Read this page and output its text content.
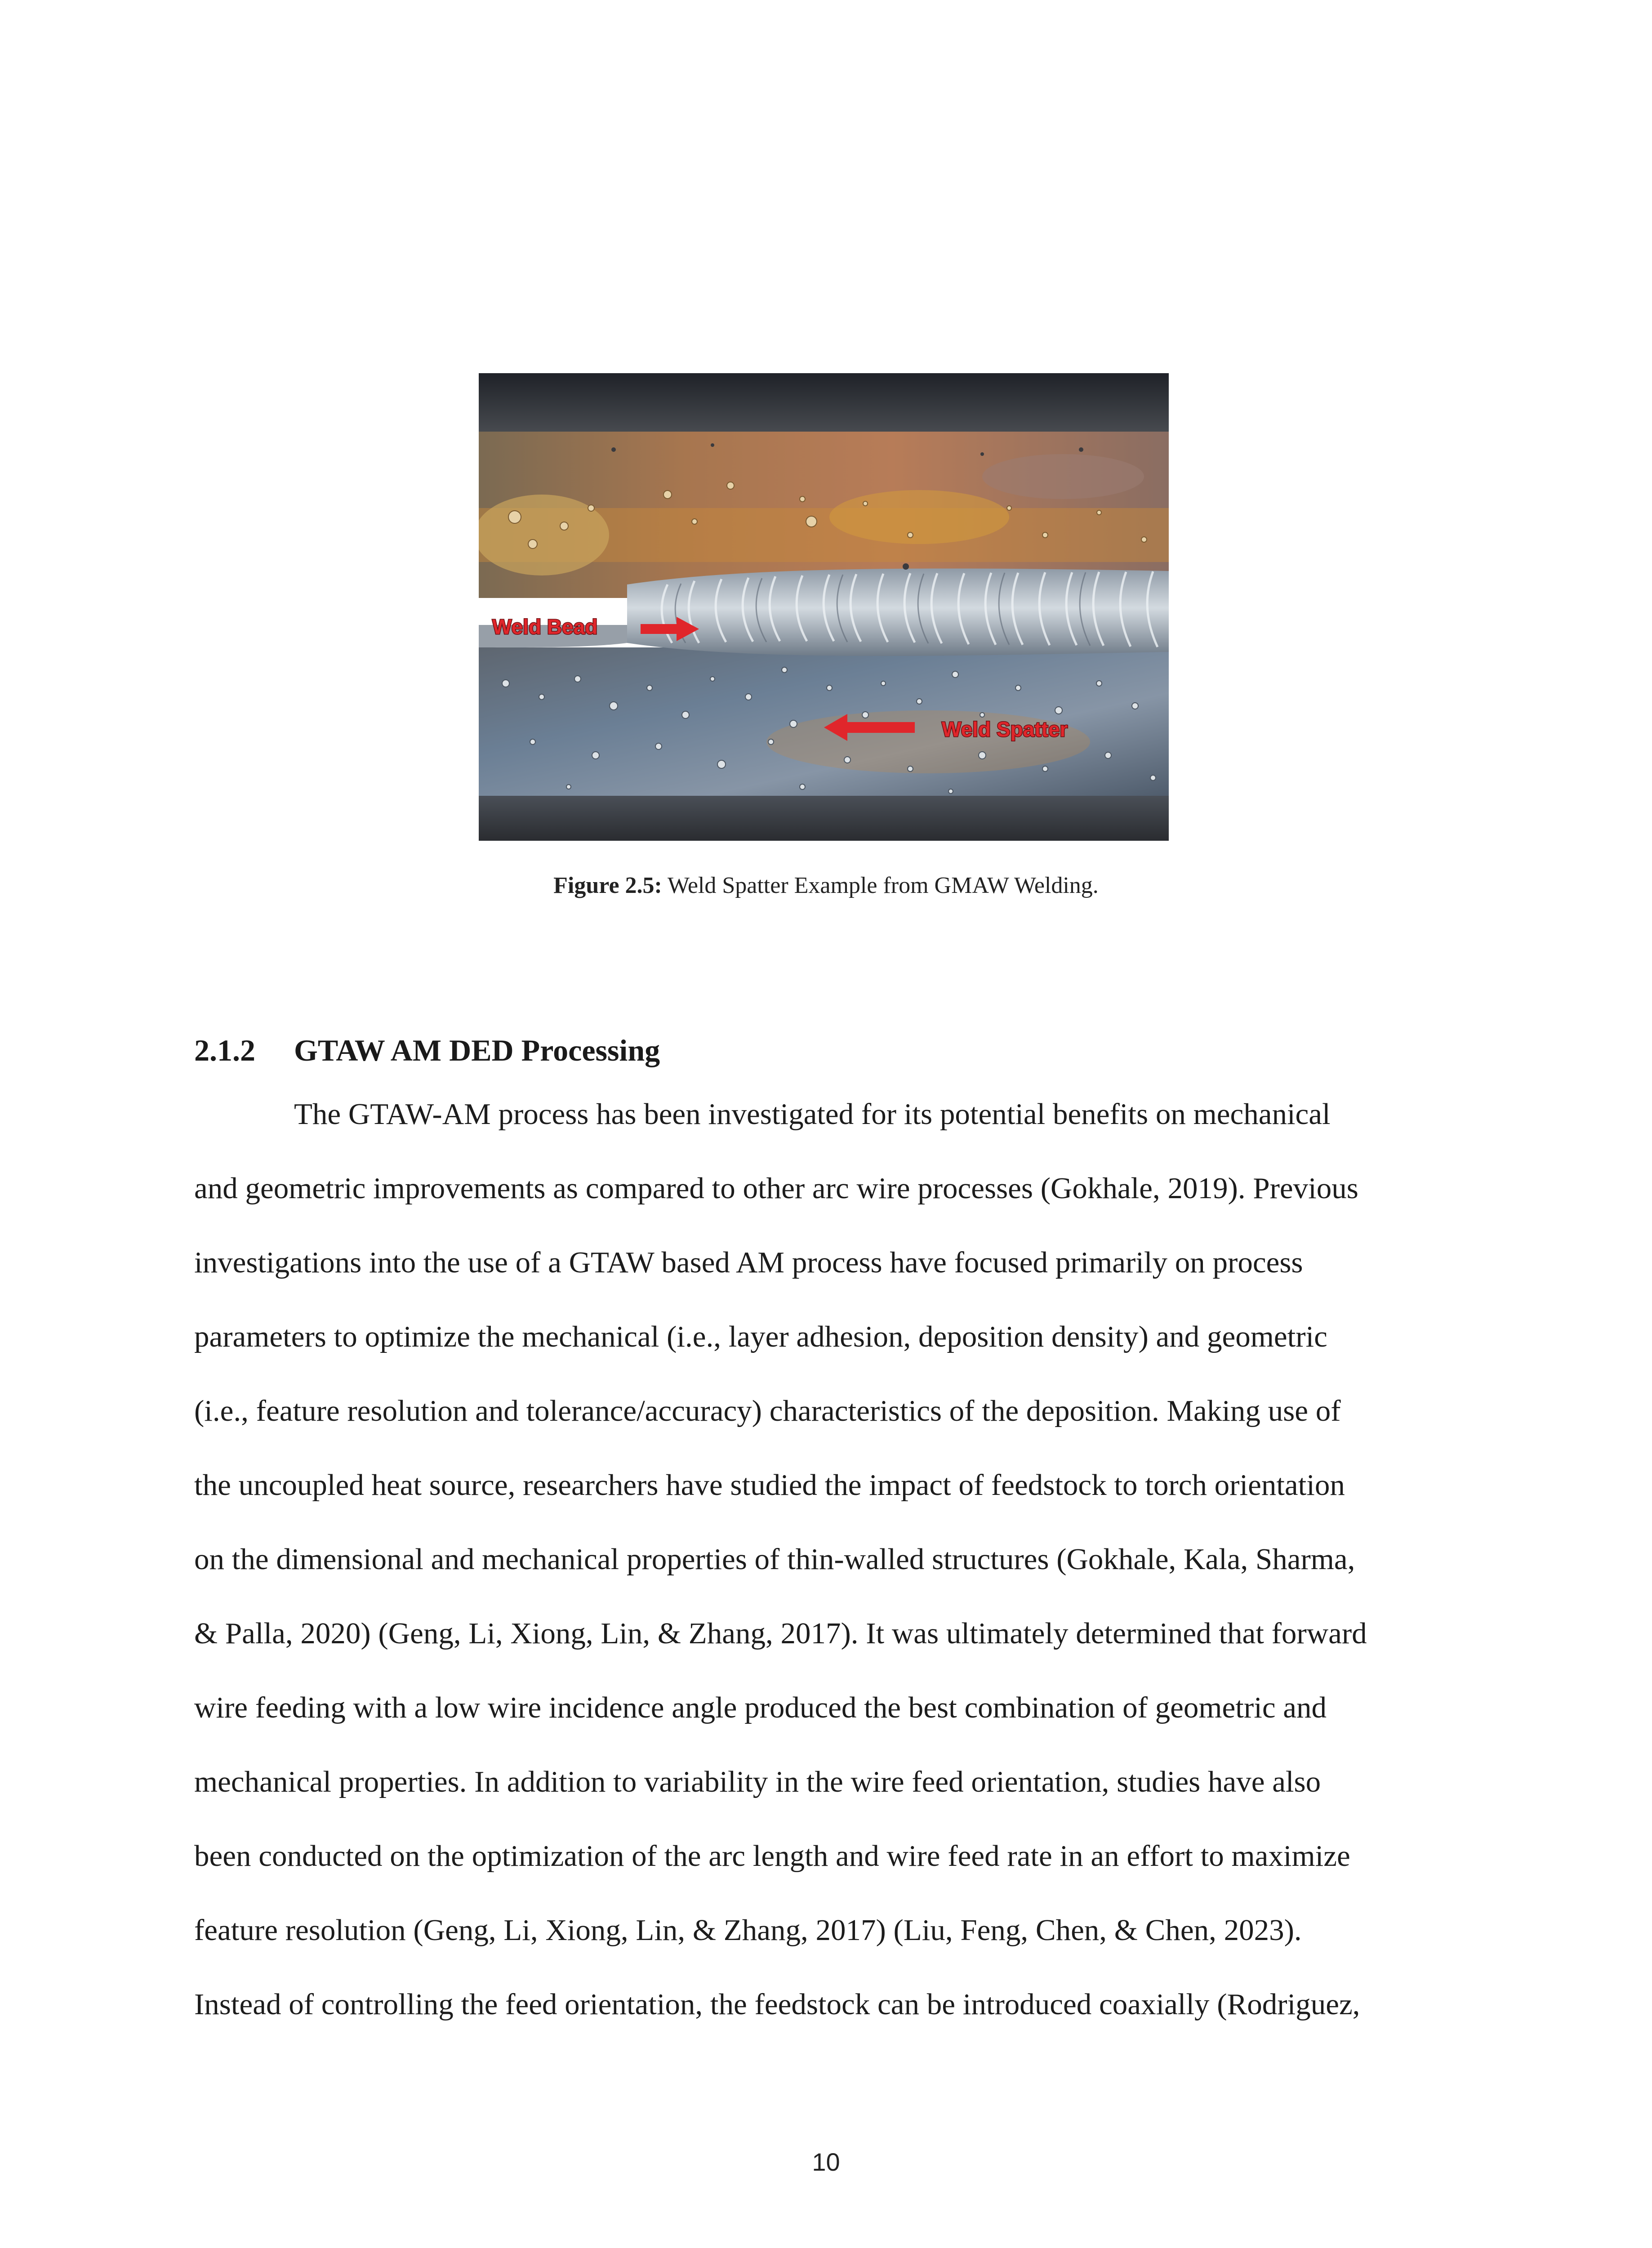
Weld Bead
Weld Spatter
Figure 2.5: Weld Spatter Example from GMAW Welding.
2.1.2 GTAW AM DED Processing
The GTAW-AM process has been investigated for its potential benefits on mechanical
and geometric improvements as compared to other arc wire processes (Gokhale, 2019). Previous
investigations into the use of a GTAW based AM process have focused primarily on process
parameters to optimize the mechanical (i.e., layer adhesion, deposition density) and geometric
(i.e., feature resolution and tolerance/accuracy) characteristics of the deposition. Making use of
the uncoupled heat source, researchers have studied the impact of feedstock to torch orientation
on the dimensional and mechanical properties of thin-walled structures (Gokhale, Kala, Sharma,
& Palla, 2020) (Geng, Li, Xiong, Lin, & Zhang, 2017). It was ultimately determined that forward
wire feeding with a low wire incidence angle produced the best combination of geometric and
mechanical properties. In addition to variability in the wire feed orientation, studies have also
been conducted on the optimization of the arc length and wire feed rate in an effort to maximize
feature resolution (Geng, Li, Xiong, Lin, & Zhang, 2017) (Liu, Feng, Chen, & Chen, 2023).
Instead of controlling the feed orientation, the feedstock can be introduced coaxially (Rodriguez,
10
